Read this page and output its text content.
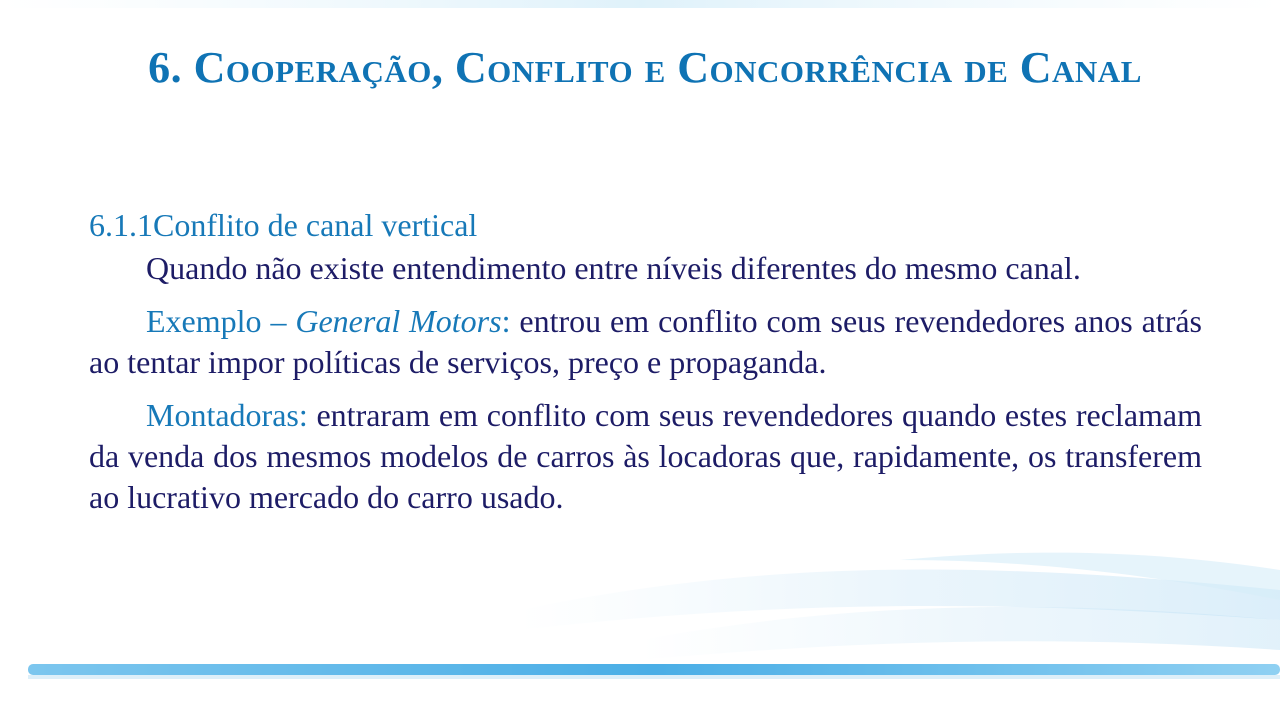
6. Cooperação, Conflito e Concorrência de Canal
6.1.1Conflito de canal vertical
Quando não existe entendimento entre níveis diferentes do mesmo canal.
Exemplo – General Motors: entrou em conflito com seus revendedores anos atrás ao tentar impor políticas de serviços, preço e propaganda.
Montadoras: entraram em conflito com seus revendedores quando estes reclamam da venda dos mesmos modelos de carros às locadoras que, rapidamente, os transferem ao lucrativo mercado do carro usado.
